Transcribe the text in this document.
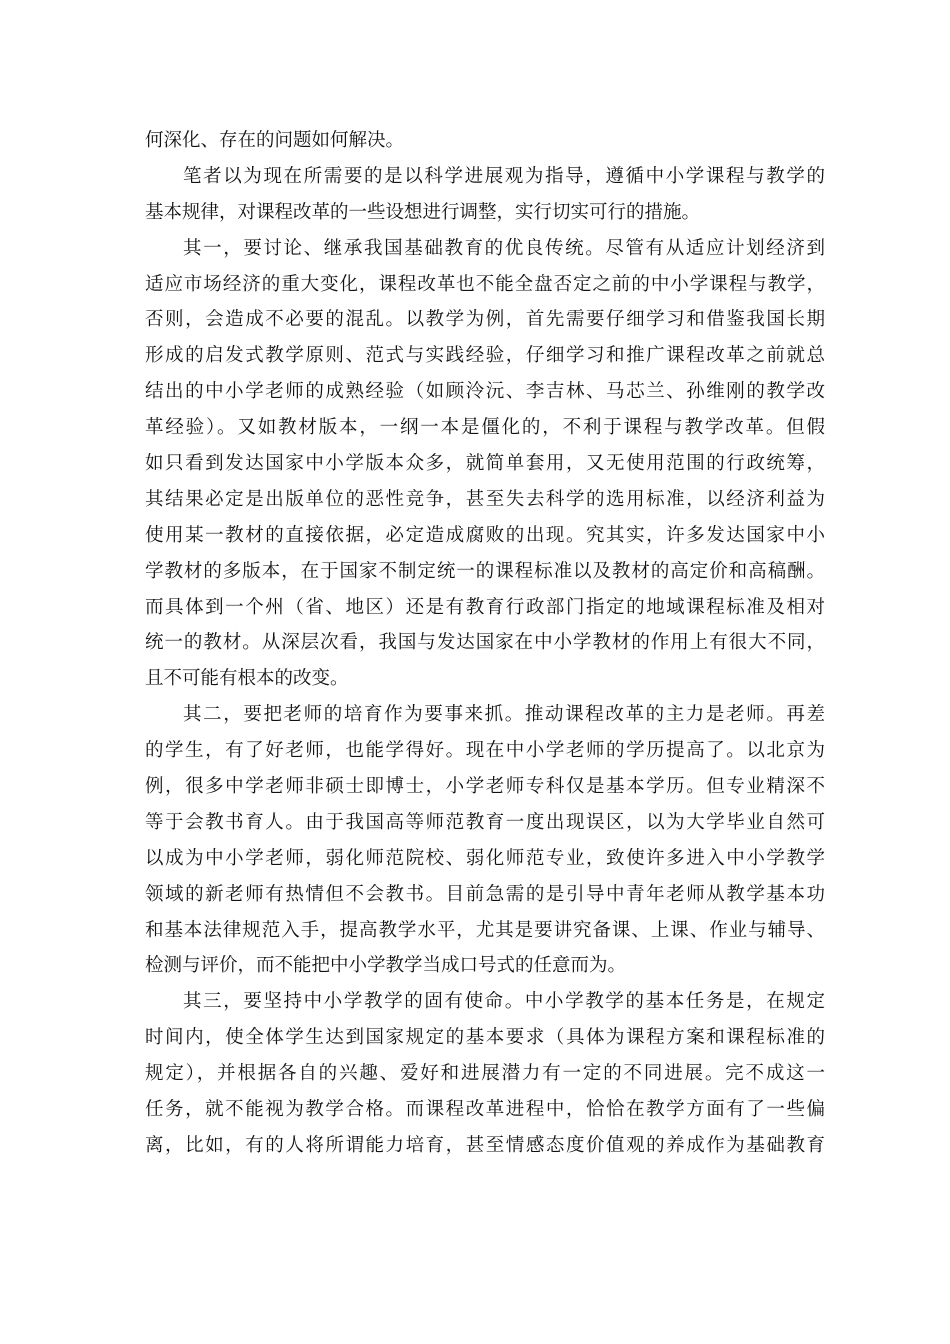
何深化、存在的问题如何解决。
笔者以为现在所需要的是以科学进展观为指导，遵循中小学课程与教学的
基本规律，对课程改革的一些设想进行调整，实行切实可行的措施。
其一，要讨论、继承我国基础教育的优良传统。尽管有从适应计划经济到
适应市场经济的重大变化，课程改革也不能全盘否定之前的中小学课程与教学，
否则，会造成不必要的混乱。以教学为例，首先需要仔细学习和借鉴我国长期
形成的启发式教学原则、范式与实践经验，仔细学习和推广课程改革之前就总
结出的中小学老师的成熟经验（如顾泠沅、李吉林、马芯兰、孙维刚的教学改
革经验）。又如教材版本，一纲一本是僵化的，不利于课程与教学改革。但假
如只看到发达国家中小学版本众多，就简单套用，又无使用范围的行政统筹，
其结果必定是出版单位的恶性竞争，甚至失去科学的选用标准，以经济利益为
使用某一教材的直接依据，必定造成腐败的出现。究其实，许多发达国家中小
学教材的多版本，在于国家不制定统一的课程标准以及教材的高定价和高稿酬。
而具体到一个州（省、地区）还是有教育行政部门指定的地域课程标准及相对
统一的教材。从深层次看，我国与发达国家在中小学教材的作用上有很大不同，
且不可能有根本的改变。
其二，要把老师的培育作为要事来抓。推动课程改革的主力是老师。再差
的学生，有了好老师，也能学得好。现在中小学老师的学历提高了。以北京为
例，很多中学老师非硕士即博士，小学老师专科仅是基本学历。但专业精深不
等于会教书育人。由于我国高等师范教育一度出现误区，以为大学毕业自然可
以成为中小学老师，弱化师范院校、弱化师范专业，致使许多进入中小学教学
领域的新老师有热情但不会教书。目前急需的是引导中青年老师从教学基本功
和基本法律规范入手，提高教学水平，尤其是要讲究备课、上课、作业与辅导、
检测与评价，而不能把中小学教学当成口号式的任意而为。
其三，要坚持中小学教学的固有使命。中小学教学的基本任务是，在规定
时间内，使全体学生达到国家规定的基本要求（具体为课程方案和课程标准的
规定），并根据各自的兴趣、爱好和进展潜力有一定的不同进展。完不成这一
任务，就不能视为教学合格。而课程改革进程中，恰恰在教学方面有了一些偏
离，比如，有的人将所谓能力培育，甚至情感态度价值观的养成作为基础教育
